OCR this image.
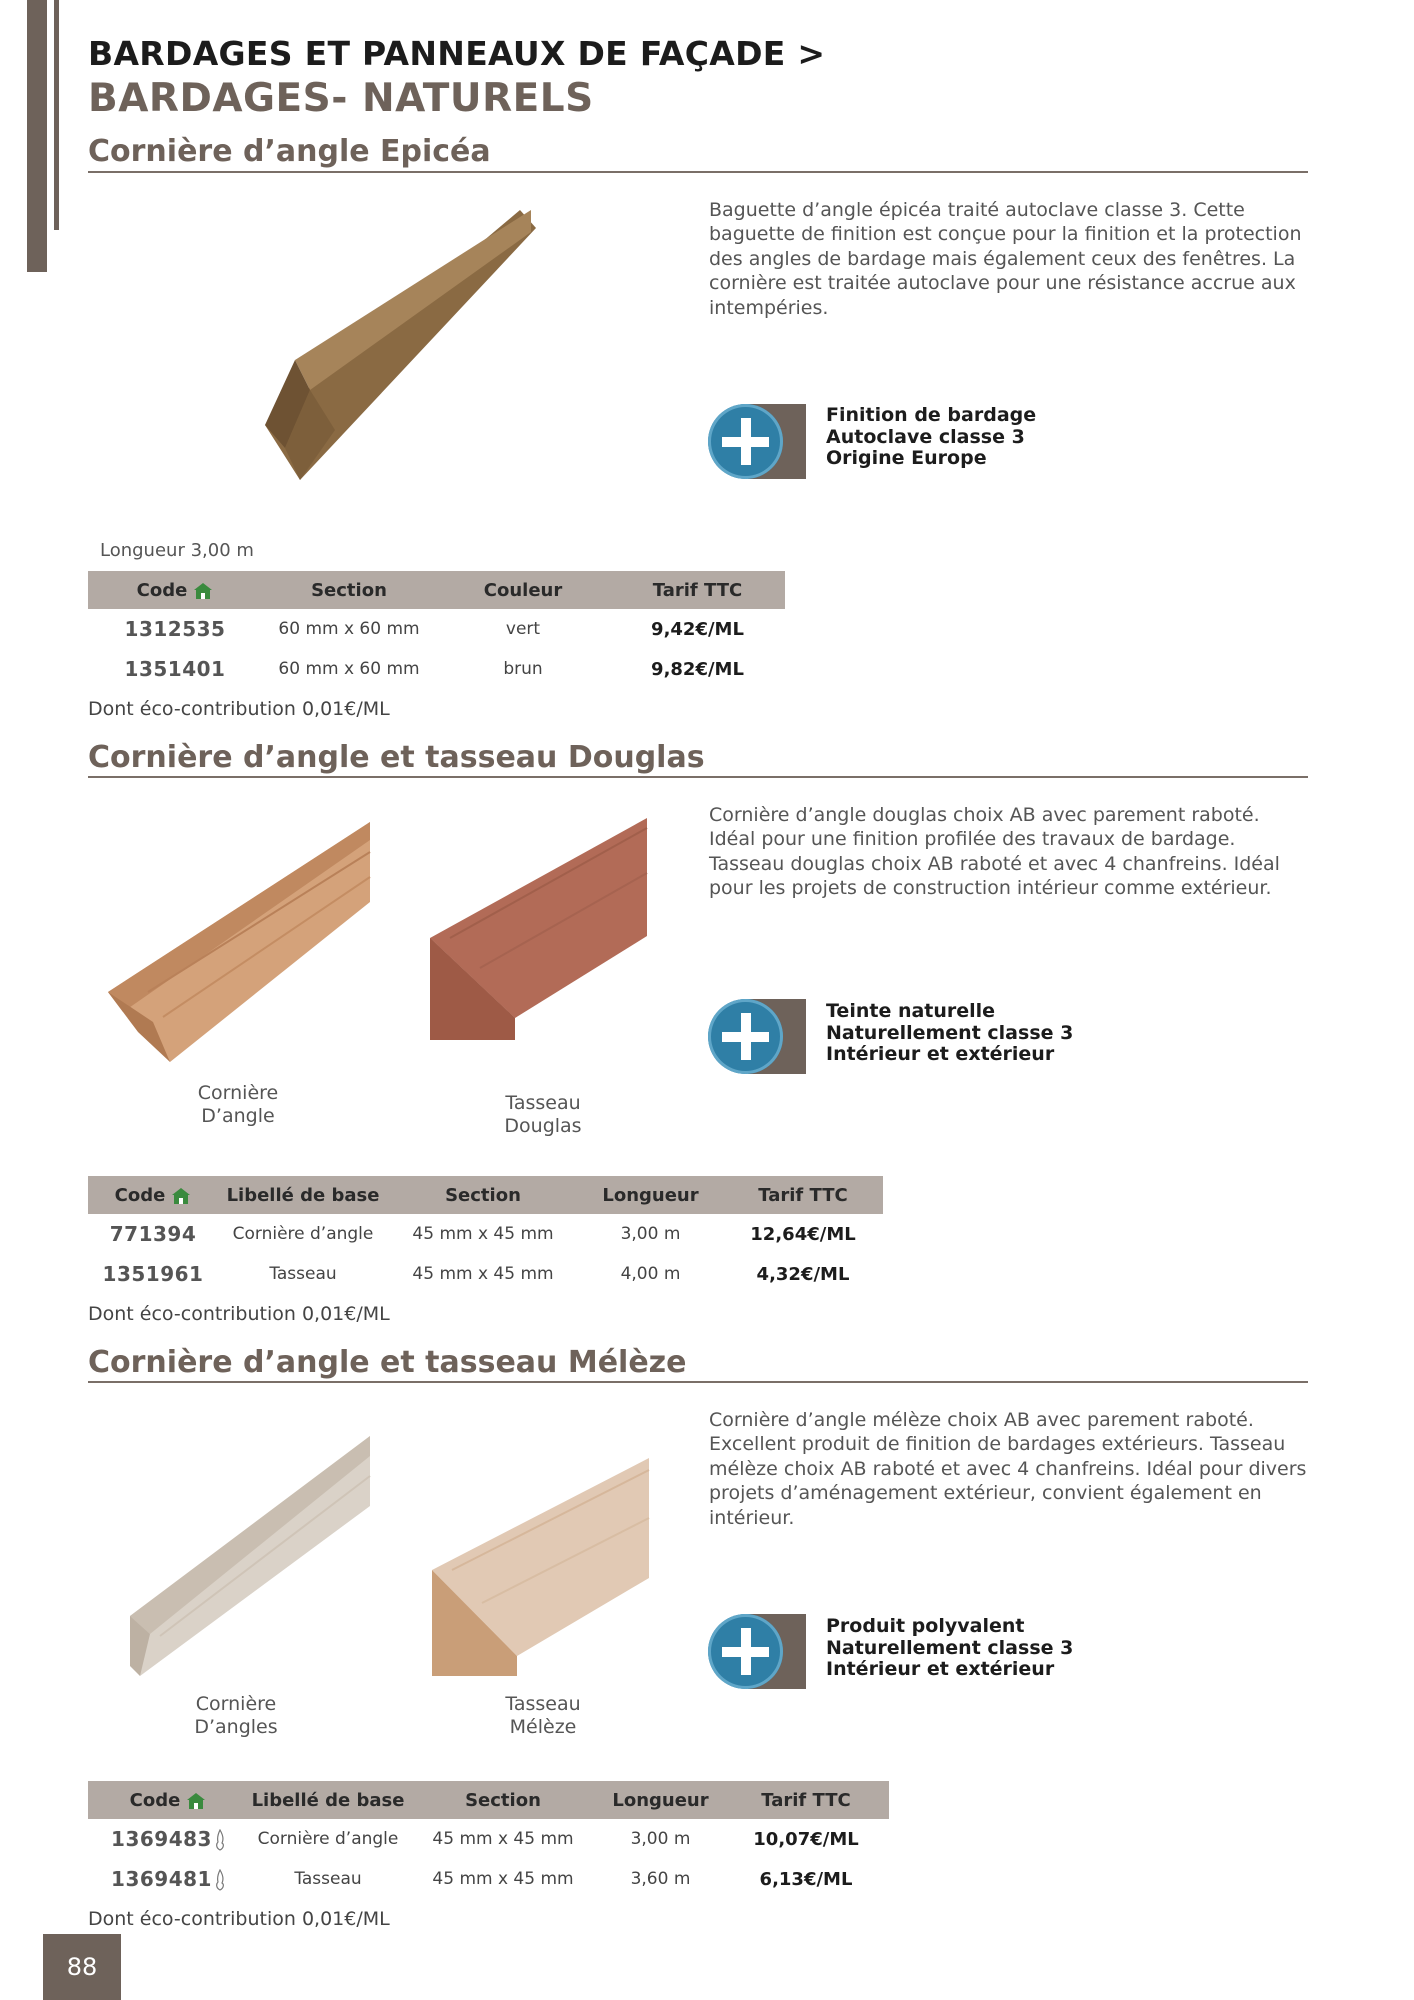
BARDAGES ET PANNEAUX DE FAÇADE >
BARDAGES- NATURELS
Cornière d’angle Epicéa
Baguette d’angle épicéa traité autoclave classe 3. Cette baguette de finition est conçue pour la finition et la protection des angles de bardage mais également ceux des fenêtres. La cornière est traitée autoclave pour une résistance accrue aux intempéries.
Finition de bardage
Autoclave classe 3
Origine Europe
Longueur 3,00 m
Code	Section	Couleur	Tarif TTC
1312535	60 mm x 60 mm	vert	9,42€/ML
1351401	60 mm x 60 mm	brun	9,82€/ML
Dont éco-contribution 0,01€/ML
Cornière d’angle et tasseau Douglas
Cornière
D’angle
Tasseau
Douglas
Cornière d’angle douglas choix AB avec parement raboté. Idéal pour une finition profilée des travaux de bardage. Tasseau douglas choix AB raboté et avec 4 chanfreins. Idéal pour les projets de construction intérieur comme extérieur.
Teinte naturelle
Naturellement classe 3
Intérieur et extérieur
Code	Libellé de base	Section	Longueur	Tarif TTC
771394	Cornière d’angle	45 mm x 45 mm	3,00 m	12,64€/ML
1351961	Tasseau	45 mm x 45 mm	4,00 m	4,32€/ML
Dont éco-contribution 0,01€/ML
Cornière d’angle et tasseau Mélèze
Cornière
D’angles
Tasseau
Mélèze
Cornière d’angle mélèze choix AB avec parement raboté. Excellent produit de finition de bardages extérieurs. Tasseau mélèze choix AB raboté et avec 4 chanfreins. Idéal pour divers projets d’aménagement extérieur, convient également en intérieur.
Produit polyvalent
Naturellement classe 3
Intérieur et extérieur
Code	Libellé de base	Section	Longueur	Tarif TTC
1369483	Cornière d’angle	45 mm x 45 mm	3,00 m	10,07€/ML
1369481	Tasseau	45 mm x 45 mm	3,60 m	6,13€/ML
Dont éco-contribution 0,01€/ML
88
